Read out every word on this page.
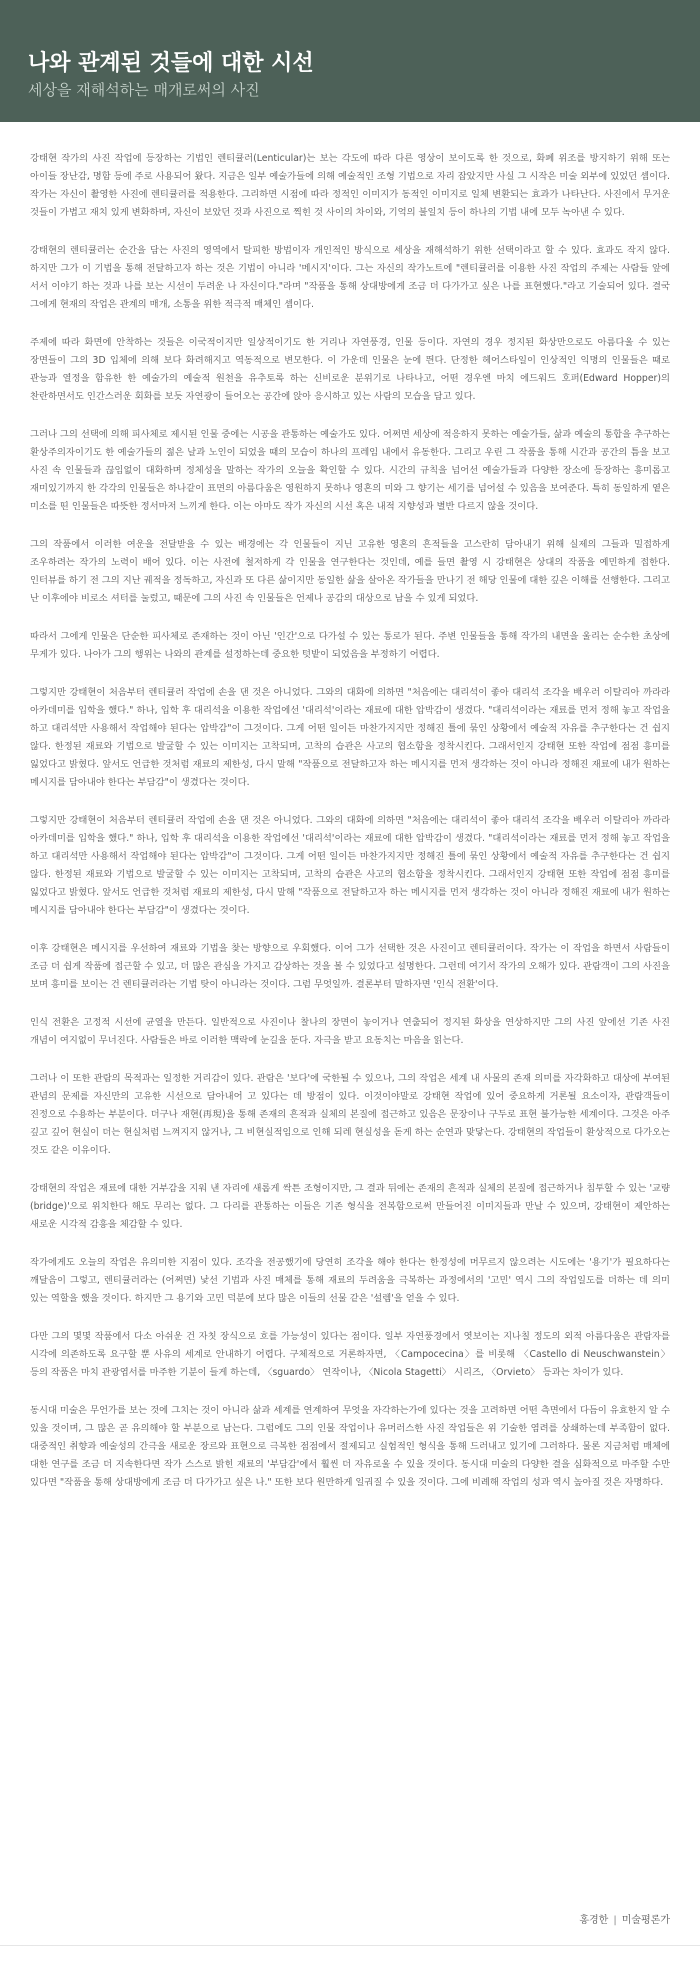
나와 관계된 것들에 대한 시선
세상을 재해석하는 매개로써의 사진

강태현 작가의 사진 작업에 등장하는 기법인 렌티큘러(Lenticular)는 보는 각도에 따라 다른 영상이 보이도록 한 것으로, 화폐 위조를 방지하기 위해 또는 아이들 장난감, 명함 등에 주로 사용되어 왔다. 지금은 일부 예술가들에 의해 예술적인 조형 기법으로 자리 잡았지만 사실 그 시작은 미술 외부에 있었던 셈이다. 작가는 자신이 촬영한 사진에 렌티큘러를 적용한다. 그리하면 시점에 따라 정적인 이미지가 동적인 이미지로 일체 변환되는 효과가 나타난다. 사진에서 무거운 것들이 가볍고 재치 있게 변화하며, 자신이 보았던 것과 사진으로 찍힌 것 사이의 차이와, 기억의 불일치 등이 하나의 기법 내에 모두 녹아낸 수 있다.

강태현의 렌티큘러는 순간을 담는 사진의 영역에서 탈피한 방법이자 개인적인 방식으로 세상을 재해석하기 위한 선택이라고 할 수 있다. 효과도 작지 않다. 하지만 그가 이 기법을 통해 전달하고자 하는 것은 기법이 아니라 '메시지'이다. 그는 자신의 작가노트에 "렌티큘러를 이용한 사진 작업의 주제는 사람들 앞에 서서 이야기 하는 것과 나를 보는 시선이 두려운 나 자신이다."라며 "작품을 통해 상대방에게 조금 더 다가가고 싶은 나를 표현했다."라고 기술되어 있다. 결국 그에게 현재의 작업은 관계의 매개, 소통을 위한 적극적 매체인 셈이다.

주제에 따라 화면에 안착하는 것들은 이국적이지만 일상적이기도 한 거리나 자연풍경, 인물 등이다. 자연의 경우 정지된 화상만으로도 아름다울 수 있는 장면들이 그의 3D 입체에 의해 보다 화려해지고 역동적으로 변모한다. 이 가운데 인물은 눈에 띈다. 단정한 헤어스타일이 인상적인 익명의 인물들은 때로 관능과 열정을 함유한 한 예술가의 예술적 원천을 유추토록 하는 신비로운 분위기로 나타나고, 어떤 경우엔 마치 에드워드 호퍼(Edward Hopper)의 찬란하면서도 인간스러운 회화를 보듯 자연광이 들어오는 공간에 앉아 응시하고 있는 사람의 모습을 담고 있다.

그러나 그의 선택에 의해 피사체로 제시된 인물 중에는 시공을 관통하는 예술가도 있다. 어쩌면 세상에 적응하지 못하는 예술가들, 삶과 예술의 통합을 추구하는 환상주의자이기도 한 예술가들의 젊은 날과 노인이 되었을 때의 모습이 하나의 프레임 내에서 유동한다. 그리고 우린 그 작품을 통해 시간과 공간의 틈을 보고 사진 속 인물들과 끊임없이 대화하며 정체성을 말하는 작가의 오늘을 확인할 수 있다. 시간의 규칙을 넘어선 예술가들과 다양한 장소에 등장하는 흥미롭고 재미있기까지 한 각각의 인물들은 하나같이 표면의 아름다움은 영원하지 못하나 영혼의 미와 그 향기는 세기를 넘어설 수 있음을 보여준다. 특히 동일하게 옅은 미소를 띤 인물들은 따뜻한 정서마저 느끼게 한다. 이는 아마도 작가 자신의 시선 혹은 내적 지향성과 별반 다르지 않을 것이다.

그의 작품에서 이러한 여운을 전달받을 수 있는 배경에는 각 인물들이 지닌 고유한 영혼의 흔적들을 고스란히 담아내기 위해 실제의 그들과 밀접하게 조우하려는 작가의 노력이 배어 있다. 이는 사전에 철저하게 각 인물을 연구한다는 것인데, 예를 들면 촬영 시 강태현은 상대의 작품을 예민하게 접한다. 인터뷰를 하기 전 그의 지난 궤적을 정독하고, 자신과 또 다른 삶이지만 동일한 삶을 살아온 작가들을 만나기 전 해당 인물에 대한 깊은 이해를 선행한다. 그리고 난 이후에야 비로소 셔터를 눌렀고, 때문에 그의 사진 속 인물들은 언제나 공감의 대상으로 남을 수 있게 되었다.

따라서 그에게 인물은 단순한 피사체로 존재하는 것이 아닌 '인간'으로 다가설 수 있는 통로가 된다. 주변 인물들을 통해 작가의 내면을 울리는 순수한 초상에 무게가 있다. 나아가 그의 행위는 나와의 관계를 설정하는데 중요한 텃밭이 되었음을 부정하기 어렵다.

그렇지만 강태현이 처음부터 렌티큘러 작업에 손을 댄 것은 아니었다. 그와의 대화에 의하면 "처음에는 대리석이 좋아 대리석 조각을 배우러 이탈리아 까라라 아카데미를 입학을 했다." 하나, 입학 후 대리석을 이용한 작업에선 '대리석'이라는 재료에 대한 압박감이 생겼다. "대리석이라는 재료를 먼저 정해 놓고 작업을 하고 대리석만 사용해서 작업해야 된다는 압박감"이 그것이다. 그게 어떤 일이든 마찬가지지만 정해진 틀에 묶인 상황에서 예술적 자유를 추구한다는 건 쉽지 않다. 한정된 재료와 기법으로 발굴할 수 있는 이미지는 고착되며, 고착의 습관은 사고의 협소함을 정착시킨다. 그래서인지 강태현 또한 작업에 점점 흥미를 잃었다고 밝혔다. 앞서도 언급한 것처럼 재료의 제한성, 다시 말해 "작품으로 전달하고자 하는 메시지를 먼저 생각하는 것이 아니라 정해진 재료에 내가 원하는 메시지를 담아내야 한다는 부담감"이 생겼다는 것이다.

그렇지만 강태현이 처음부터 렌티큘러 작업에 손을 댄 것은 아니었다. 그와의 대화에 의하면 "처음에는 대리석이 좋아 대리석 조각을 배우러 이탈리아 까라라 아카데미를 입학을 했다." 하나, 입학 후 대리석을 이용한 작업에선 '대리석'이라는 재료에 대한 압박감이 생겼다. "대리석이라는 재료를 먼저 정해 놓고 작업을 하고 대리석만 사용해서 작업해야 된다는 압박감"이 그것이다. 그게 어떤 일이든 마찬가지지만 정해진 틀에 묶인 상황에서 예술적 자유를 추구한다는 건 쉽지 않다. 한정된 재료와 기법으로 발굴할 수 있는 이미지는 고착되며, 고착의 습관은 사고의 협소함을 정착시킨다. 그래서인지 강태현 또한 작업에 점점 흥미를 잃었다고 밝혔다. 앞서도 언급한 것처럼 재료의 제한성, 다시 말해 "작품으로 전달하고자 하는 메시지를 먼저 생각하는 것이 아니라 정해진 재료에 내가 원하는 메시지를 담아내야 한다는 부담감"이 생겼다는 것이다.

이후 강태현은 메시지를 우선하여 재료와 기법을 찾는 방향으로 우회했다. 이어 그가 선택한 것은 사진이고 렌티큘러이다. 작가는 이 작업을 하면서 사람들이 조금 더 쉽게 작품에 접근할 수 있고, 더 많은 관심을 가지고 감상하는 것을 볼 수 있었다고 설명한다. 그런데 여기서 작가의 오해가 있다. 관람객이 그의 사진을 보며 흥미를 보이는 건 렌티큘러라는 기법 탓이 아니라는 것이다. 그럼 무엇일까. 결론부터 말하자면 '인식 전환'이다.

인식 전환은 고정적 시선에 균열을 만든다. 일반적으로 사진이나 찰나의 장면이 놓이거나 연출되어 정지된 화상을 연상하지만 그의 사진 앞에선 기존 사진 개념이 여지없이 무너진다. 사람들은 바로 이러한 맥락에 눈길을 둔다. 자극을 받고 요동치는 마음을 읽는다.

그러나 이 또한 관람의 목적과는 일정한 거리감이 있다. 관람은 '보다'에 국한될 수 있으나, 그의 작업은 세계 내 사물의 존재 의미를 자각화하고 대상에 부여된 관념의 문제를 자신만의 고유한 시선으로 담아내어 고 있다는 데 방점이 있다. 이것이야말로 강태현 작업에 있어 중요하게 거론될 요소이자, 관람객들이 진정으로 수용하는 부분이다. 더구나 재현(再現)을 통해 존재의 흔적과 실체의 본질에 접근하고 있음은 문장이나 구두로 표현 불가능한 세계이다. 그것은 아주 깊고 깊어 현실이 더는 현실처럼 느껴지지 않거나, 그 비현실적임으로 인해 되레 현실성을 돋게 하는 순연과 맞닿는다. 강태현의 작업들이 환상적으로 다가오는 것도 같은 이유이다.

강태현의 작업은 재료에 대한 거부감을 지워 낸 자리에 새롭게 싹튼 조형이지만, 그 결과 뒤에는 존재의 흔적과 실체의 본질에 접근하거나 침투할 수 있는 '교량(bridge)'으로 위치한다 해도 무리는 없다. 그 다리를 관통하는 이들은 기존 형식을 전복함으로써 만들어진 이미지들과 만날 수 있으며, 강태현이 제안하는 새로운 시각적 감흥을 체감할 수 있다.

작가에게도 오늘의 작업은 유의미한 지점이 있다. 조각을 전공했기에 당연히 조각을 해야 한다는 한정성에 머무르지 않으려는 시도에는 '용기'가 필요하다는 깨달음이 그렇고, 렌티큘러라는 (어쩌면) 낯선 기법과 사진 매체를 통해 재료의 두려움을 극복하는 과정에서의 '고민' 역시 그의 작업일도를 더하는 데 의미 있는 역할을 했을 것이다. 하지만 그 용기와 고민 덕분에 보다 많은 이들의 선물 같은 '설렘'을 얻을 수 있다.

다만 그의 몇몇 작품에서 다소 아쉬운 건 자칫 장식으로 흐를 가능성이 있다는 점이다. 일부 자연풍경에서 엿보이는 지나칠 정도의 외적 아름다움은 관람자를 시각에 의존하도록 요구할 뿐 사유의 세계로 안내하기 어렵다. 구체적으로 거론하자면, 〈Campocecina〉를 비롯해 〈Castello di Neuschwanstein〉 등의 작품은 마치 관광엽서를 마주한 기분이 들게 하는데, 〈sguardo〉 연작이나, 〈Nicola Stagetti〉 시리즈, 〈Orvieto〉 등과는 차이가 있다.

동시대 미술은 무언가를 보는 것에 그치는 것이 아니라 삶과 세계를 연계하여 무엇을 자각하는가에 있다는 것을 고려하면 어떤 측면에서 다듬이 유효한지 알 수 있을 것이며, 그 많은 곧 유의해야 할 부분으로 남는다. 그럼에도 그의 인물 작업이나 유머러스한 사진 작업들은 위 기술한 염려를 상쇄하는데 부족함이 없다. 대중적인 취향과 예술성의 간극을 새로운 장르와 표현으로 극복한 점점에서 절제되고 실험적인 형식을 통해 드러내고 있기에 그러하다. 물론 지금처럼 매체에 대한 연구를 조금 더 지속한다면 작가 스스로 밝힌 재료의 '부담감'에서 훨씬 더 자유로울 수 있을 것이다. 동시대 미술의 다양한 결을 심화적으로 마주할 수만 있다면 "작품을 통해 상대방에게 조금 더 다가가고 싶은 나." 또한 보다 원만하게 일궈질 수 있을 것이다. 그에 비례해 작업의 성과 역시 높아질 것은 자명하다.

홍경한 | 미술평론가
